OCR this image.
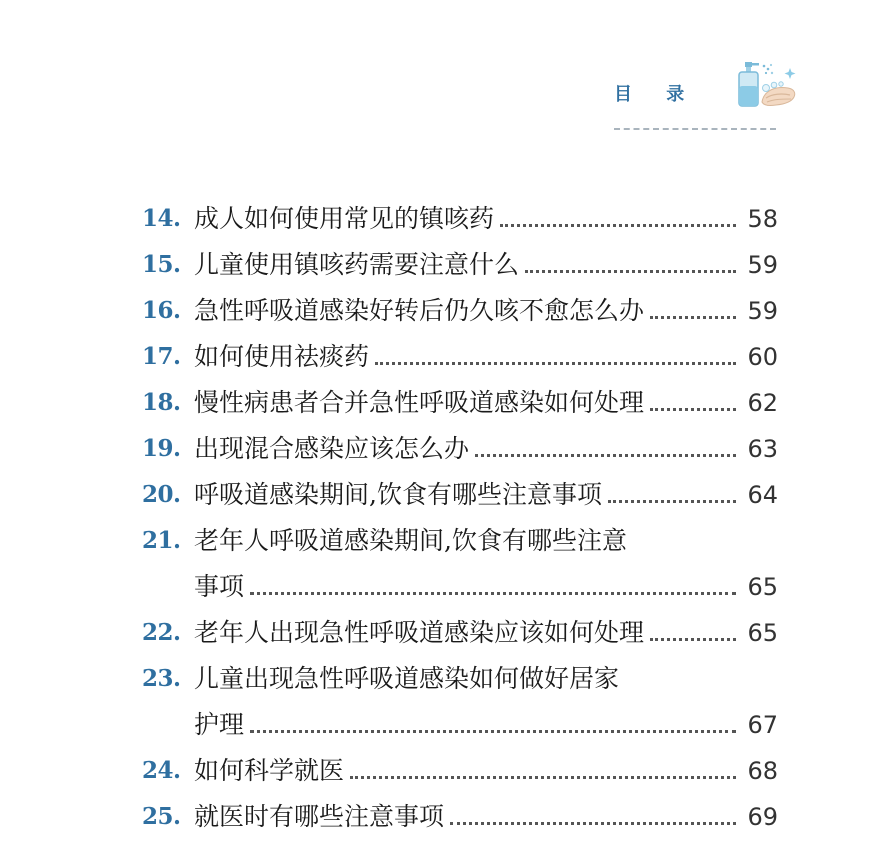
目 录
14. 成人如何使用常见的镇咳药	58
15. 儿童使用镇咳药需要注意什么	59
16. 急性呼吸道感染好转后仍久咳不愈怎么办	59
17. 如何使用祛痰药	60
18. 慢性病患者合并急性呼吸道感染如何处理	62
19. 出现混合感染应该怎么办	63
20. 呼吸道感染期间,饮食有哪些注意事项	64
21. 老年人呼吸道感染期间,饮食有哪些注意
事项	65
22. 老年人出现急性呼吸道感染应该如何处理	65
23. 儿童出现急性呼吸道感染如何做好居家
护理	67
24. 如何科学就医	68
25. 就医时有哪些注意事项	69
